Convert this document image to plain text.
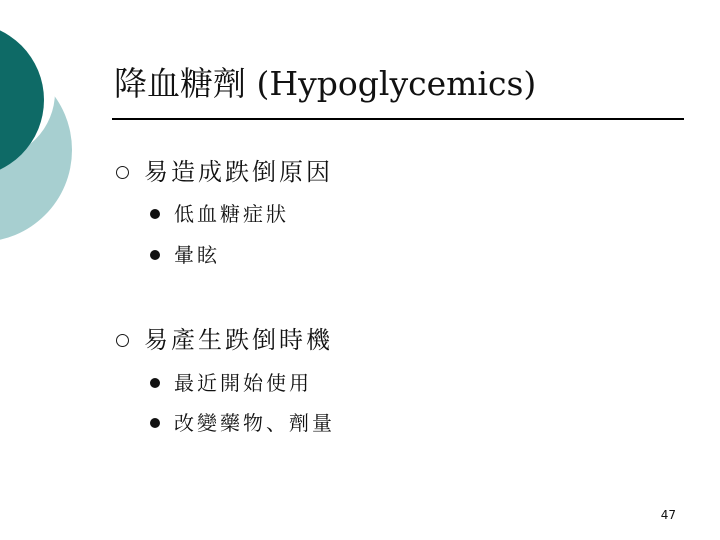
降血糖劑 (Hypoglycemics)
易造成跌倒原因
低血糖症狀
暈眩
易產生跌倒時機
最近開始使用
改變藥物、劑量
47
